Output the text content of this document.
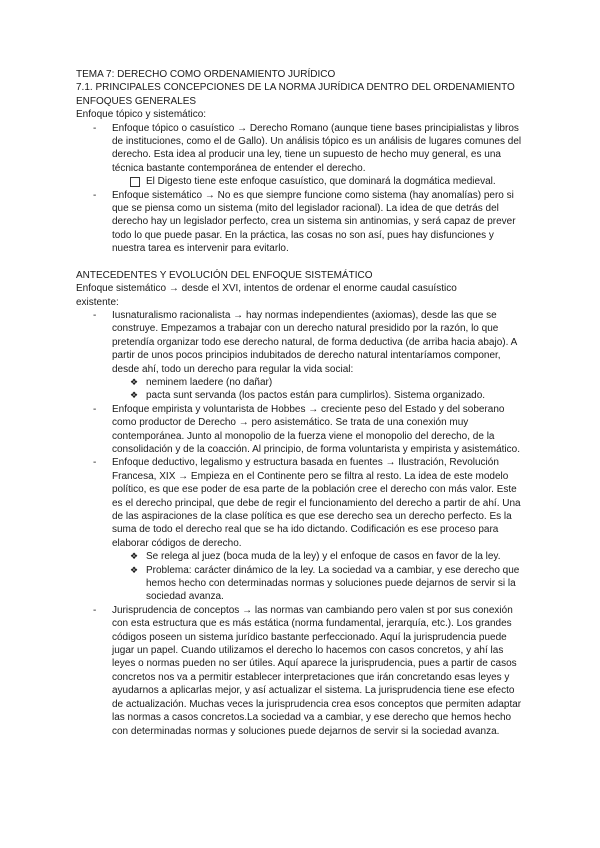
TEMA 7: DERECHO COMO ORDENAMIENTO JURÍDICO
7.1. PRINCIPALES CONCEPCIONES DE LA NORMA JURÍDICA DENTRO DEL ORDENAMIENTO
ENFOQUES GENERALES
Enfoque tópico y sistemático:
- Enfoque tópico o casuístico → Derecho Romano (aunque tiene bases principialistas y libros
de instituciones, como el de Gallo). Un análisis tópico es un análisis de lugares comunes del
derecho. Esta idea al producir una ley, tiene un supuesto de hecho muy general, es una
técnica bastante contemporánea de entender el derecho.
El Digesto tiene este enfoque casuístico, que dominará la dogmática medieval.
- Enfoque sistemático → No es que siempre funcione como sistema (hay anomalías) pero si
que se piensa como un sistema (mito del legislador racional). La idea de que detrás del
derecho hay un legislador perfecto, crea un sistema sin antinomias, y será capaz de prever
todo lo que puede pasar. En la práctica, las cosas no son así, pues hay disfunciones y
nuestra tarea es intervenir para evitarlo.
ANTECEDENTES Y EVOLUCIÓN DEL ENFOQUE SISTEMÁTICO
Enfoque sistemático → desde el XVI, intentos de ordenar el enorme caudal casuístico
existente:
- Iusnaturalismo racionalista → hay normas independientes (axiomas), desde las que se
construye. Empezamos a trabajar con un derecho natural presidido por la razón, lo que
pretendía organizar todo ese derecho natural, de forma deductiva (de arriba hacia abajo). A
partir de unos pocos principios indubitados de derecho natural intentaríamos componer,
desde ahí, todo un derecho para regular la vida social:
❖ neminem laedere (no dañar)
❖ pacta sunt servanda (los pactos están para cumplirlos). Sistema organizado.
- Enfoque empirista y voluntarista de Hobbes → creciente peso del Estado y del soberano
como productor de Derecho → pero asistemático. Se trata de una conexión muy
contemporánea. Junto al monopolio de la fuerza viene el monopolio del derecho, de la
consolidación y de la coacción. Al principio, de forma voluntarista y empirista y asistemático.
- Enfoque deductivo, legalismo y estructura basada en fuentes → Ilustración, Revolución
Francesa, XIX → Empieza en el Continente pero se filtra al resto. La idea de este modelo
político, es que ese poder de esa parte de la población cree el derecho con más valor. Este
es el derecho principal, que debe de regir el funcionamiento del derecho a partir de ahí. Una
de las aspiraciones de la clase política es que ese derecho sea un derecho perfecto. Es la
suma de todo el derecho real que se ha ido dictando. Codificación es ese proceso para
elaborar códigos de derecho.
❖ Se relega al juez (boca muda de la ley) y el enfoque de casos en favor de la ley.
❖ Problema: carácter dinámico de la ley. La sociedad va a cambiar, y ese derecho que
hemos hecho con determinadas normas y soluciones puede dejarnos de servir si la
sociedad avanza.
- Jurisprudencia de conceptos → las normas van cambiando pero valen st por sus conexión
con esta estructura que es más estática (norma fundamental, jerarquía, etc.). Los grandes
códigos poseen un sistema jurídico bastante perfeccionado. Aquí la jurisprudencia puede
jugar un papel. Cuando utilizamos el derecho lo hacemos con casos concretos, y ahí las
leyes o normas pueden no ser útiles. Aquí aparece la jurisprudencia, pues a partir de casos
concretos nos va a permitir establecer interpretaciones que irán concretando esas leyes y
ayudarnos a aplicarlas mejor, y así actualizar el sistema. La jurisprudencia tiene ese efecto
de actualización. Muchas veces la jurisprudencia crea esos conceptos que permiten adaptar
las normas a casos concretos.La sociedad va a cambiar, y ese derecho que hemos hecho
con determinadas normas y soluciones puede dejarnos de servir si la sociedad avanza.
